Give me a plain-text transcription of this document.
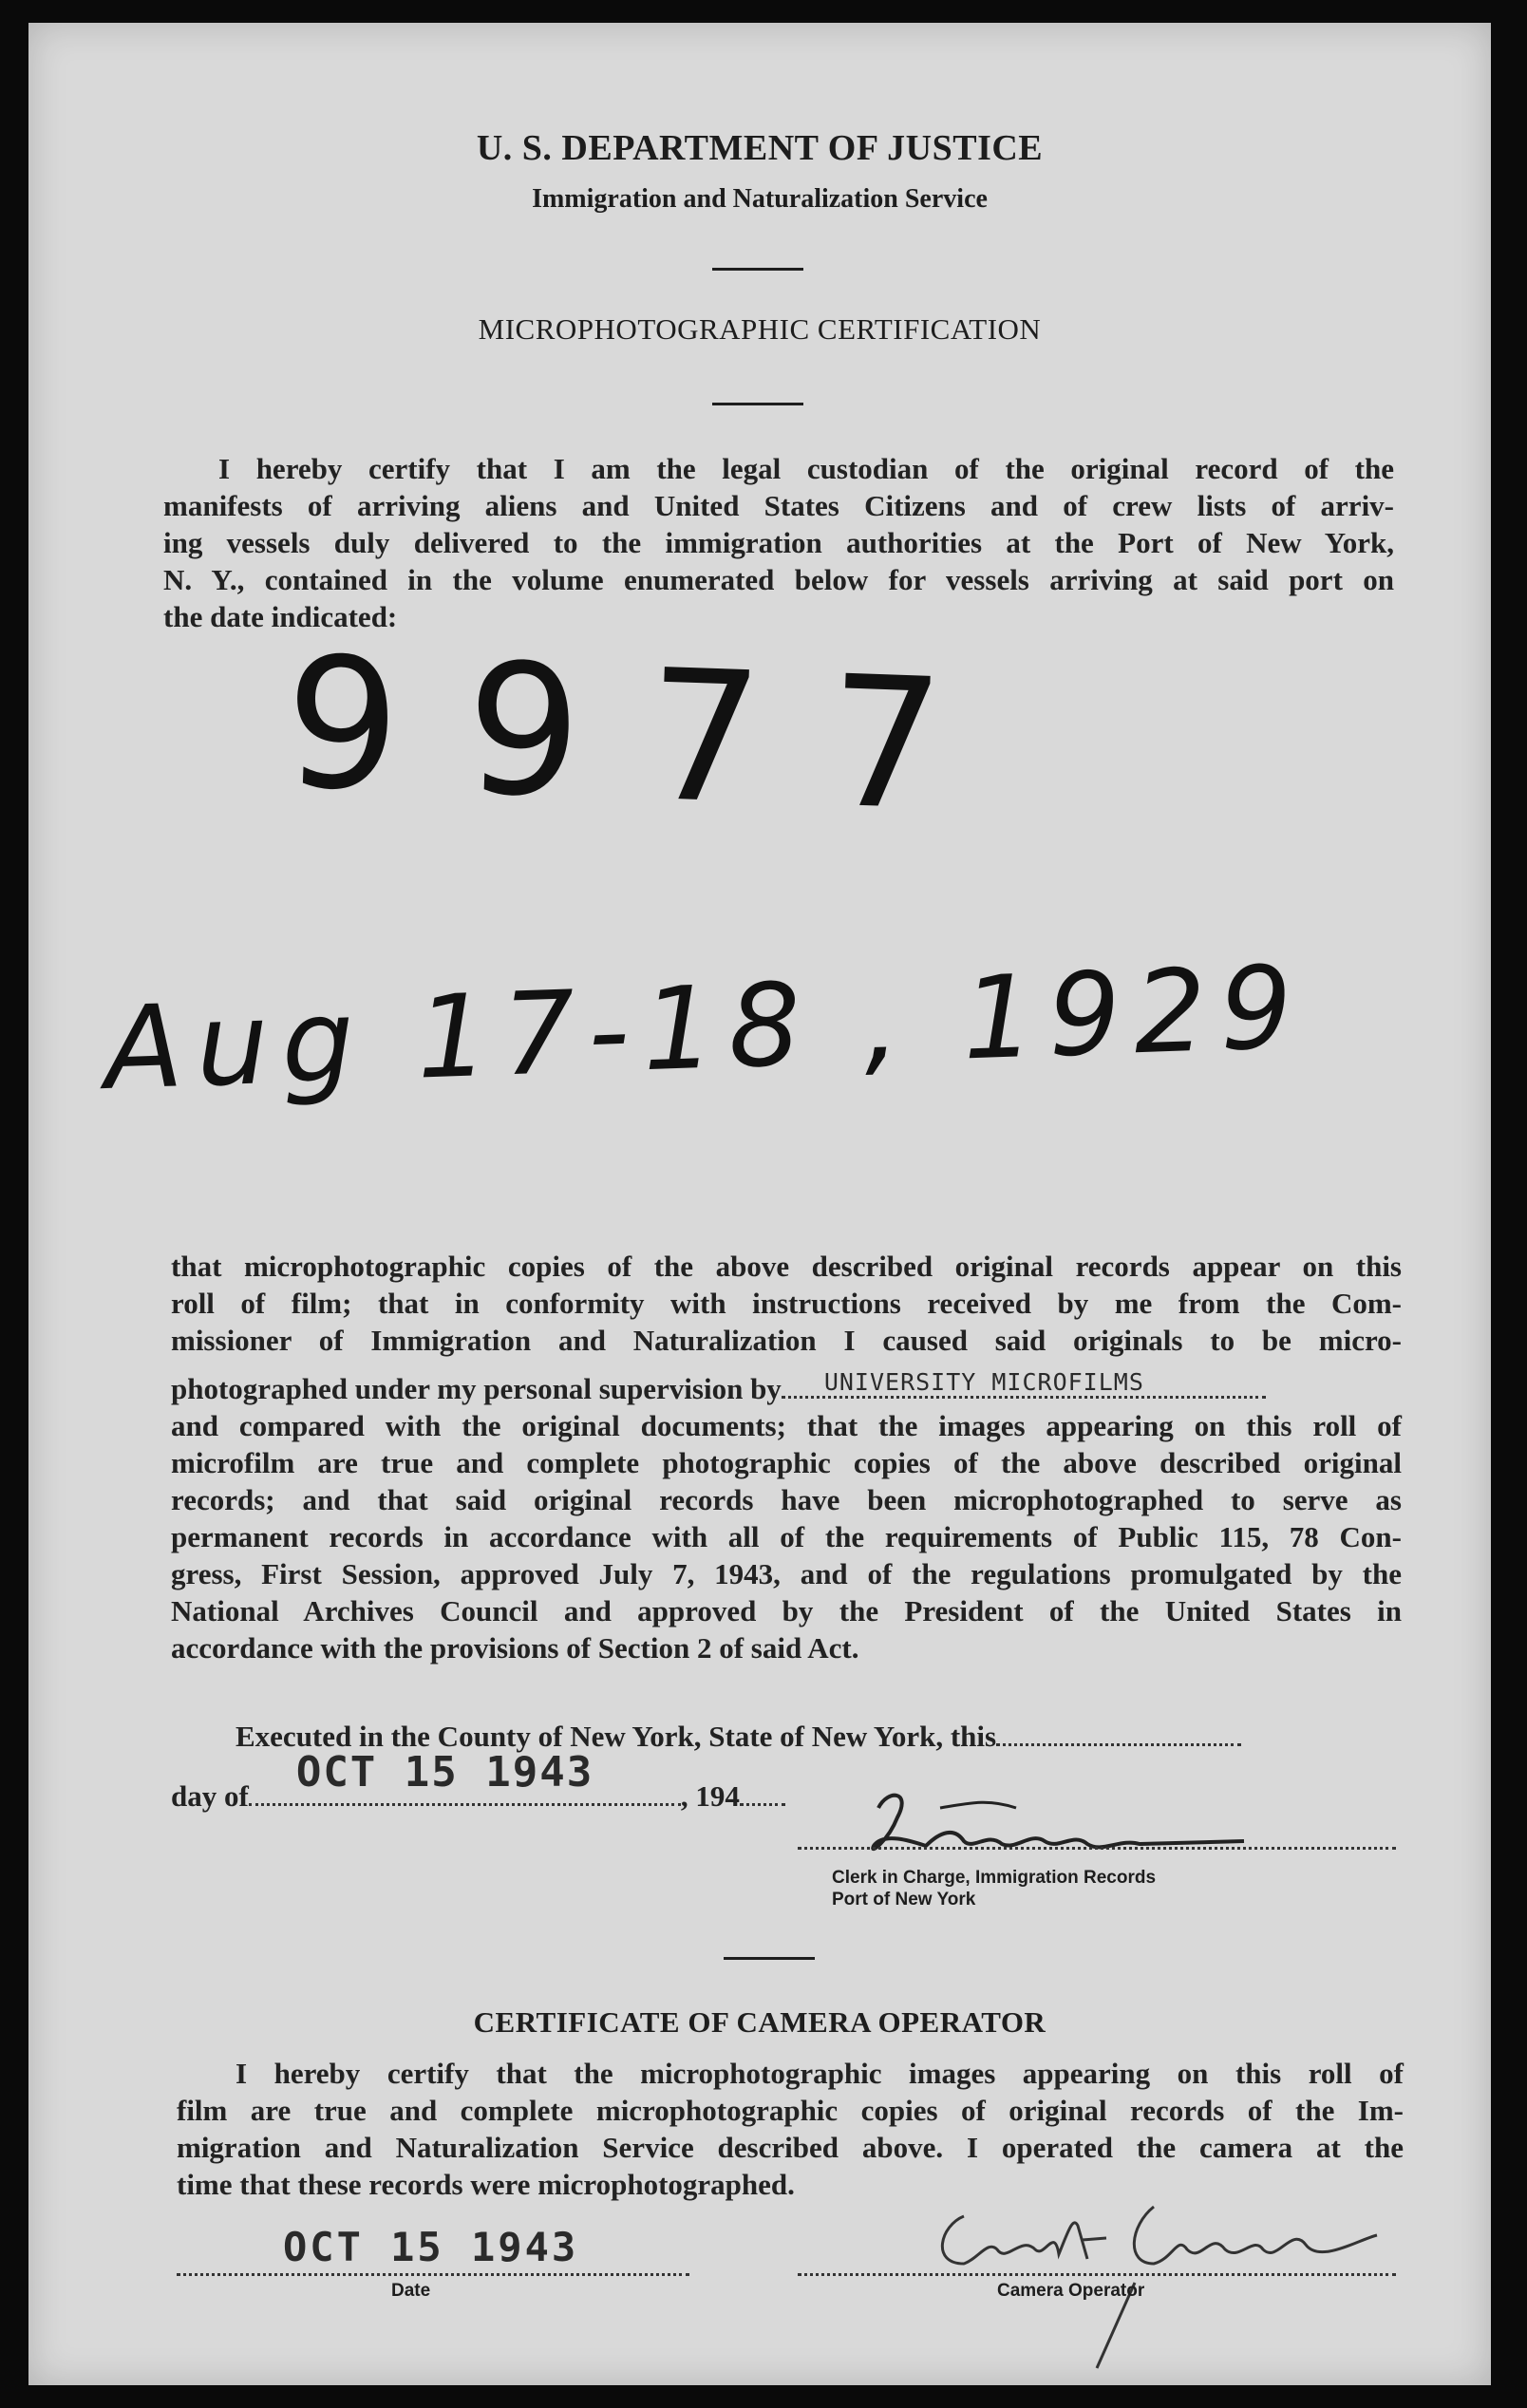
U. S. DEPARTMENT OF JUSTICE
Immigration and Naturalization Service
MICROPHOTOGRAPHIC CERTIFICATION
I hereby certify that I am the legal custodian of the original record of the
manifests of arriving aliens and United States Citizens and of crew lists of arriv-
ing vessels duly delivered to the immigration authorities at the Port of New York,
N. Y., contained in the volume enumerated below for vessels arriving at said port on
the date indicated:
9977
Aug 17-18 , 1929
that microphotographic copies of the above described original records appear on this
roll of film; that in conformity with instructions received by me from the Com-
missioner of Immigration and Naturalization I caused said originals to be micro-
photographed under my personal supervision by UNIVERSITY MICROFILMS
and compared with the original documents; that the images appearing on this roll of
microfilm are true and complete photographic copies of the above described original
records; and that said original records have been microphotographed to serve as
permanent records in accordance with all of the requirements of Public 115, 78 Con-
gress, First Session, approved July 7, 1943, and of the regulations promulgated by the
National Archives Council and approved by the President of the United States in
accordance with the provisions of Section 2 of said Act.
Executed in the County of New York, State of New York, this
day of OCT 15 1943	, 194
Clerk in Charge, Immigration Records
Port of New York
CERTIFICATE OF CAMERA OPERATOR
I hereby certify that the microphotographic images appearing on this roll of
film are true and complete microphotographic copies of original records of the Im-
migration and Naturalization Service described above. I operated the camera at the
time that these records were microphotographed.
OCT 15 1943
Date	Camera Operator
